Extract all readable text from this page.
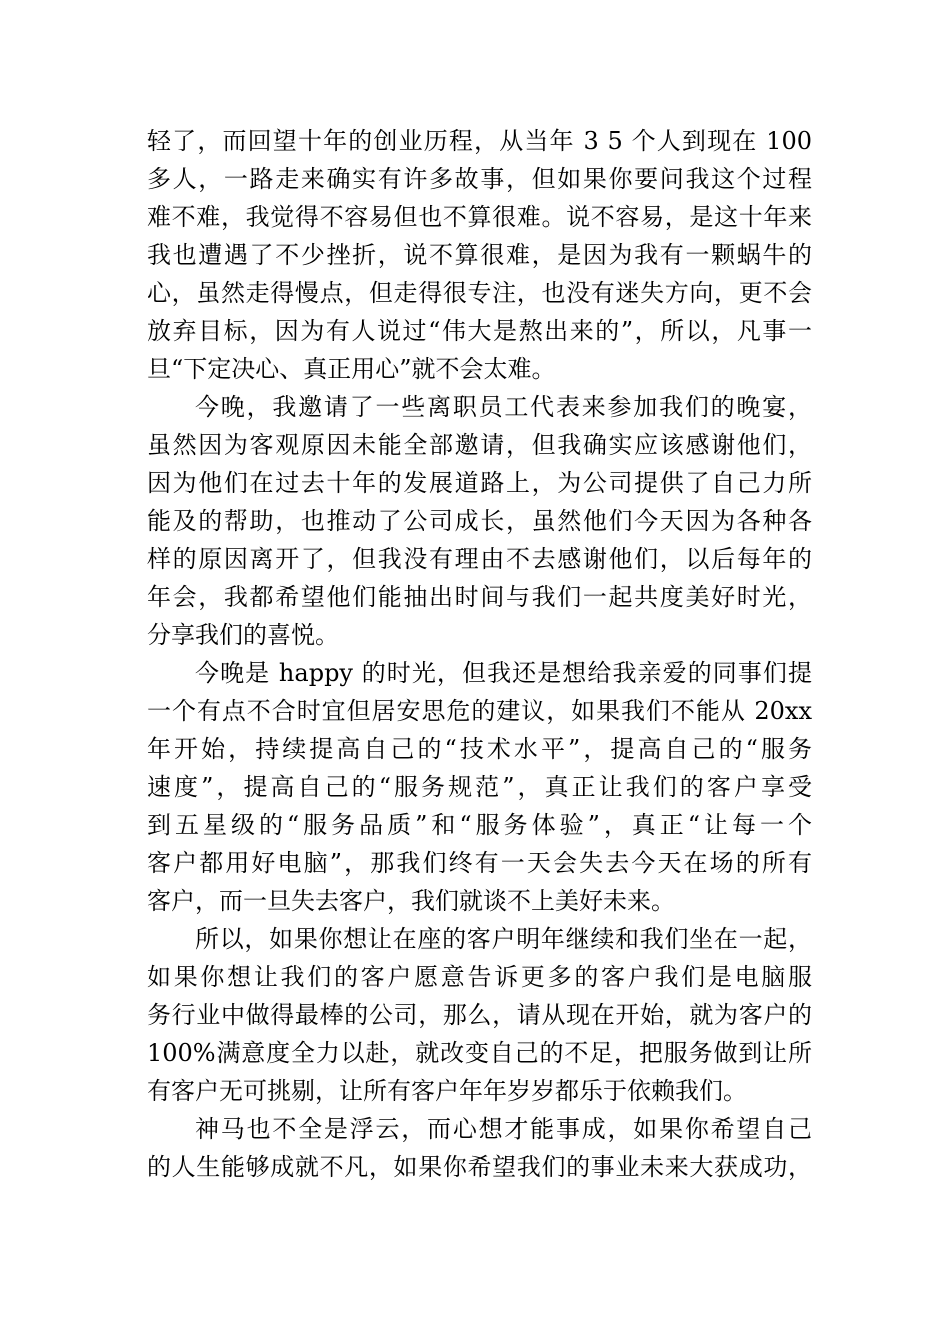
轻了，而回望十年的创业历程，从当年 3 5 个人到现在 100
多人，一路走来确实有许多故事，但如果你要问我这个过程
难不难，我觉得不容易但也不算很难。说不容易，是这十年来
我也遭遇了不少挫折，说不算很难，是因为我有一颗蜗牛的
心，虽然走得慢点，但走得很专注，也没有迷失方向，更不会
放弃目标，因为有人说过“伟大是熬出来的”，所以，凡事一
旦“下定决心、真正用心”就不会太难。
今晚，我邀请了一些离职员工代表来参加我们的晚宴，
虽然因为客观原因未能全部邀请，但我确实应该感谢他们，
因为他们在过去十年的发展道路上，为公司提供了自己力所
能及的帮助，也推动了公司成长，虽然他们今天因为各种各
样的原因离开了，但我没有理由不去感谢他们，以后每年的
年会，我都希望他们能抽出时间与我们一起共度美好时光，
分享我们的喜悦。
今晚是 happy 的时光，但我还是想给我亲爱的同事们提
一个有点不合时宜但居安思危的建议，如果我们不能从 20xx
年开始，持续提高自己的“技术水平”，提高自己的“服务
速度”，提高自己的“服务规范”，真正让我们的客户享受
到五星级的“服务品质”和“服务体验”，真正“让每一个
客户都用好电脑”，那我们终有一天会失去今天在场的所有
客户，而一旦失去客户，我们就谈不上美好未来。
所以，如果你想让在座的客户明年继续和我们坐在一起，
如果你想让我们的客户愿意告诉更多的客户我们是电脑服
务行业中做得最棒的公司，那么，请从现在开始，就为客户的
100%满意度全力以赴，就改变自己的不足，把服务做到让所
有客户无可挑剔，让所有客户年年岁岁都乐于依赖我们。
神马也不全是浮云，而心想才能事成，如果你希望自己
的人生能够成就不凡，如果你希望我们的事业未来大获成功，
